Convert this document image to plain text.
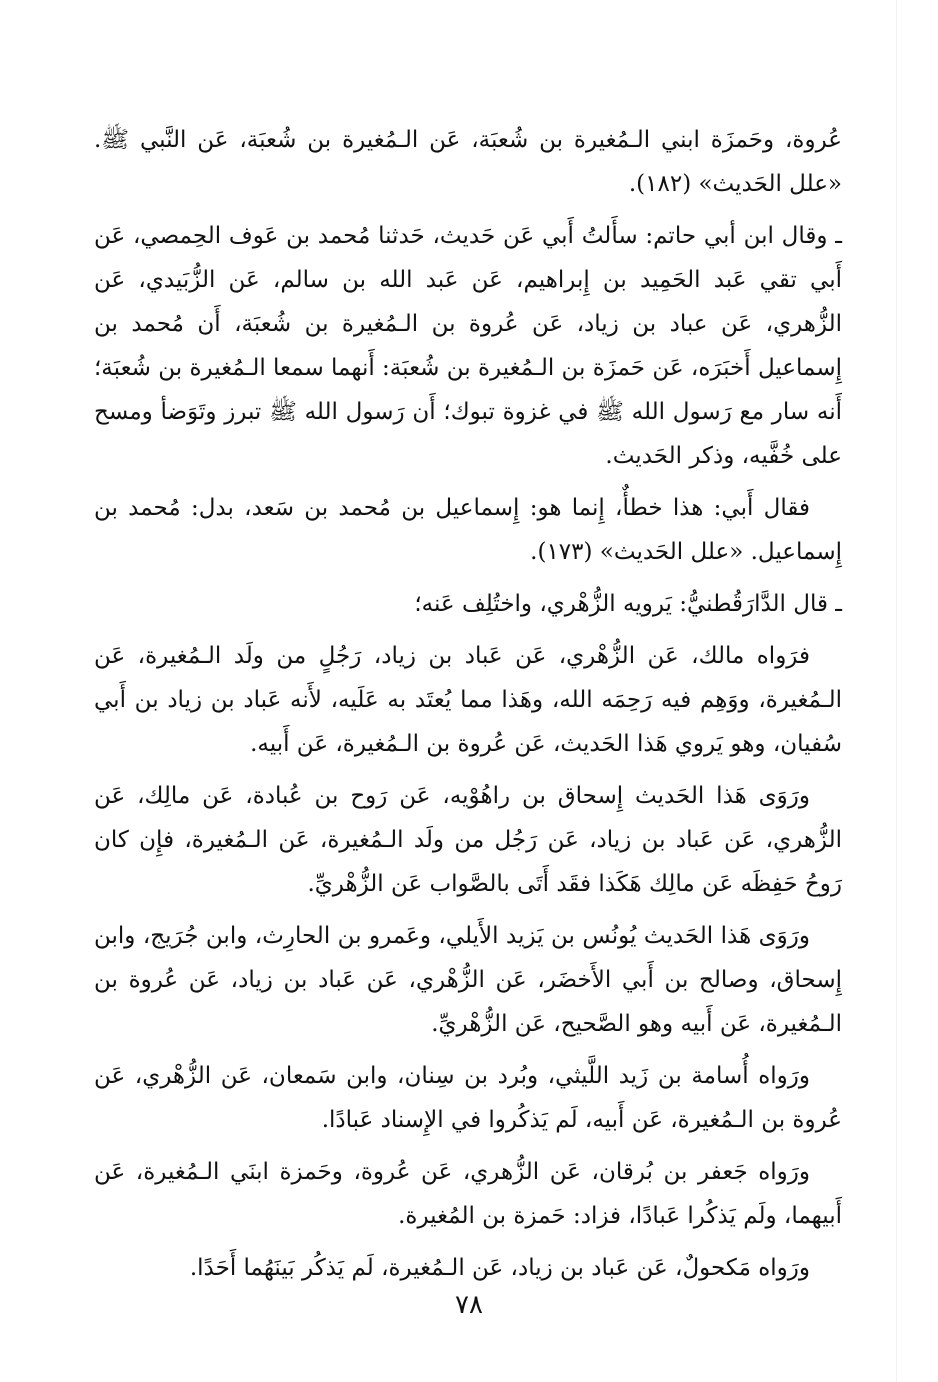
عُروة، وحَمزَة ابني الـمُغيرة بن شُعبَة، عَن الـمُغيرة بن شُعبَة، عَن النَّبي ﷺ. «علل الحَديث» (١٨٢).

ـ وقال ابن أبي حاتم: سأَلتُ أَبي عَن حَديث، حَدثنا مُحمد بن عَوف الحِمصي، عَن أَبي تقي عَبد الحَمِيد بن إِبراهيم، عَن عَبد الله بن سالم، عَن الزُّبَيدي، عَن الزُّهري، عَن عباد بن زياد، عَن عُروة بن الـمُغيرة بن شُعبَة، أَن مُحمد بن إِسماعيل أَخبَرَه، عَن حَمزَة بن الـمُغيرة بن شُعبَة: أَنهما سمعا الـمُغيرة بن شُعبَة؛ أَنه سار مع رَسول الله ﷺ في غزوة تبوك؛ أَن رَسول الله ﷺ تبرز وتَوَضأ ومسح على خُفَّيه، وذكر الحَديث.

فقال أَبي: هذا خطأٌ، إِنما هو: إِسماعيل بن مُحمد بن سَعد، بدل: مُحمد بن إِسماعيل. «علل الحَديث» (١٧٣).

ـ قال الدَّارَقُطنيُّ: يَرويه الزُّهْري، واختُلِف عَنه؛

فرَواه مالك، عَن الزُّهْري، عَن عَباد بن زياد، رَجُلٍ من ولَد الـمُغيرة، عَن الـمُغيرة، ووَهِم فيه رَحِمَه الله، وهَذا مما يُعتَد به عَلَيه، لأَنه عَباد بن زياد بن أَبي سُفيان، وهو يَروي هَذا الحَديث، عَن عُروة بن الـمُغيرة، عَن أَبيه.

ورَوَى هَذا الحَديث إِسحاق بن راهُوْيه، عَن رَوح بن عُبادة، عَن مالِك، عَن الزُّهري، عَن عَباد بن زياد، عَن رَجُل من ولَد الـمُغيرة، عَن الـمُغيرة، فإِن كان رَوحُ حَفِظَه عَن مالِك هَكَذا فقَد أَتَى بالصَّواب عَن الزُّهْريِّ.

ورَوَى هَذا الحَديث يُونُس بن يَزيد الأَيلي، وعَمرو بن الحارِث، وابن جُرَيج، وابن إِسحاق، وصالح بن أَبي الأَخضَر، عَن الزُّهْري، عَن عَباد بن زياد، عَن عُروة بن الـمُغيرة، عَن أَبيه وهو الصَّحيح، عَن الزُّهْريِّ.

ورَواه أُسامة بن زَيد اللَّيثي، وبُرد بن سِنان، وابن سَمعان، عَن الزُّهْري، عَن عُروة بن الـمُغيرة، عَن أَبيه، لَم يَذكُروا في الإِسناد عَبادًا.

ورَواه جَعفر بن بُرقان، عَن الزُّهري، عَن عُروة، وحَمزة ابنَي الـمُغيرة، عَن أَبيهما، ولَم يَذكُرا عَبادًا، فزاد: حَمزة بن المُغيرة.

ورَواه مَكحولٌ، عَن عَباد بن زياد، عَن الـمُغيرة، لَم يَذكُر بَينَهُما أَحَدًا.

٧٨
